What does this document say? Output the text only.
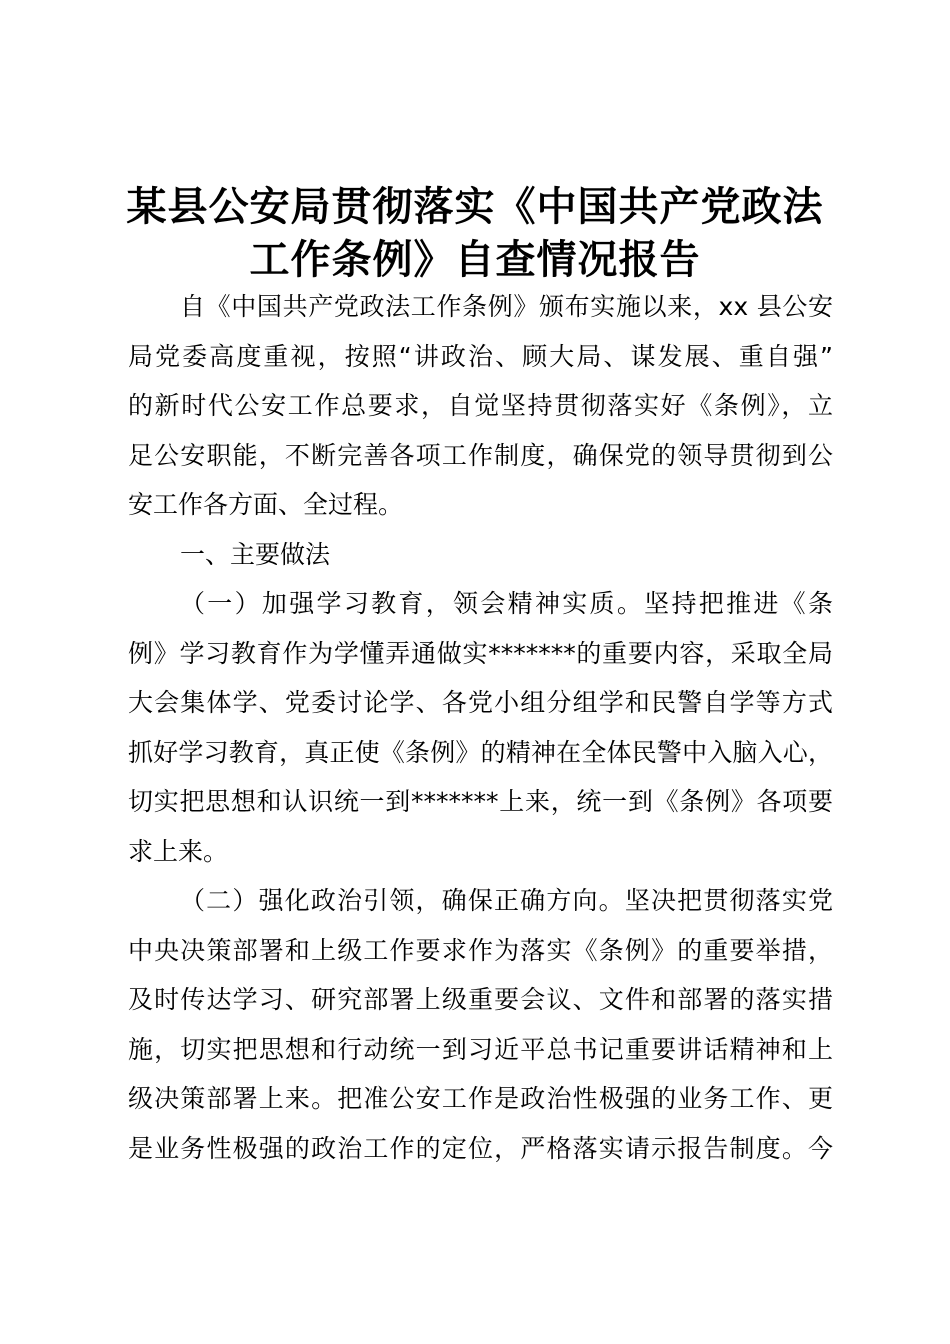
某县公安局贯彻落实《中国共产党政法
工作条例》自查情况报告
自《中国共产党政法工作条例》颁布实施以来，xx 县公安
局党委高度重视，按照“讲政治、顾大局、谋发展、重自强”
的新时代公安工作总要求，自觉坚持贯彻落实好《条例》，立
足公安职能，不断完善各项工作制度，确保党的领导贯彻到公
安工作各方面、全过程。
一、主要做法
（一）加强学习教育，领会精神实质。坚持把推进《条
例》学习教育作为学懂弄通做实*******的重要内容，采取全局
大会集体学、党委讨论学、各党小组分组学和民警自学等方式
抓好学习教育，真正使《条例》的精神在全体民警中入脑入心，
切实把思想和认识统一到*******上来，统一到《条例》各项要
求上来。
（二）强化政治引领，确保正确方向。坚决把贯彻落实党
中央决策部署和上级工作要求作为落实《条例》的重要举措，
及时传达学习、研究部署上级重要会议、文件和部署的落实措
施，切实把思想和行动统一到习近平总书记重要讲话精神和上
级决策部署上来。把准公安工作是政治性极强的业务工作、更
是业务性极强的政治工作的定位，严格落实请示报告制度。今
